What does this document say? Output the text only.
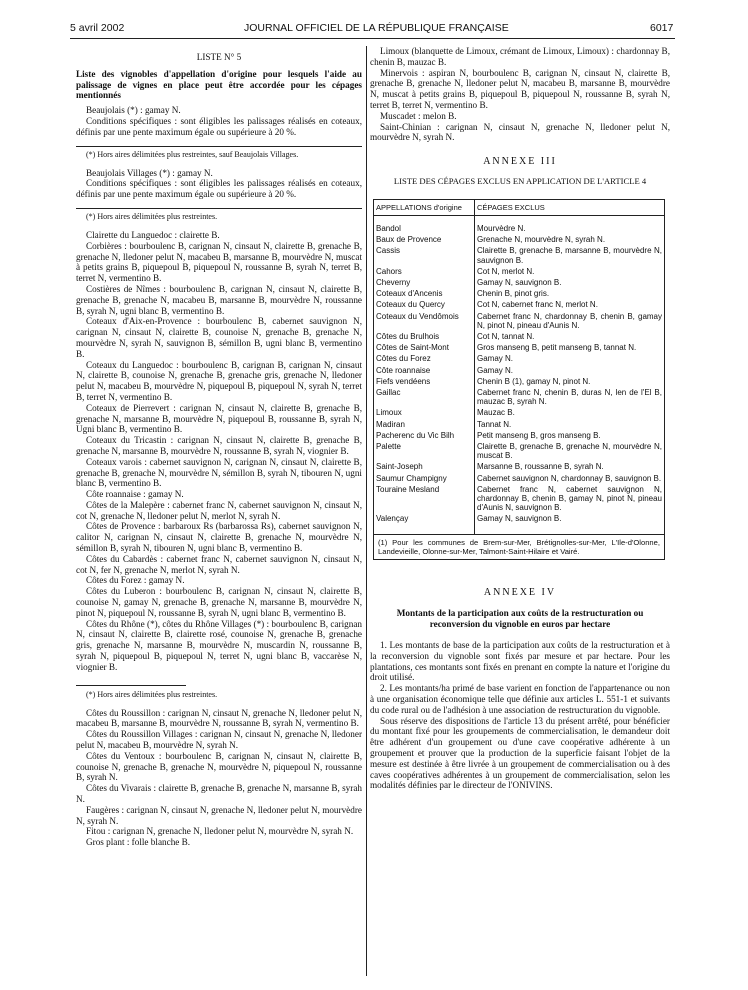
5 avril 2002	JOURNAL OFFICIEL DE LA RÉPUBLIQUE FRANÇAISE	6017

LISTE N° 5

Liste des vignobles d'appellation d'origine pour lesquels l'aide au palissage de vignes en place peut être accordée pour les cépages mentionnés

Beaujolais (*) : gamay N.

Conditions spécifiques : sont éligibles les palissages réalisés en coteaux, définis par une pente maximum égale ou supérieure à 20 %.

(*) Hors aires délimitées plus restreintes, sauf Beaujolais Villages.

Beaujolais Villages (*) : gamay N.

Conditions spécifiques : sont éligibles les palissages réalisés en coteaux, définis par une pente maximum égale ou supérieure à 20 %.

(*) Hors aires délimitées plus restreintes.

Clairette du Languedoc : clairette B.

Corbières : bourboulenc B, carignan N, cinsaut N, clairette B, grenache B, grenache N, lledoner pelut N, macabeu B, marsanne B, mourvèdre N, muscat à petits grains B, piquepoul B, piquepoul N, roussanne B, syrah N, terret B, terret N, vermentino B.

Costières de Nîmes : bourboulenc B, carignan N, cinsaut N, clairette B, grenache B, grenache N, macabeu B, marsanne B, mourvèdre N, roussanne B, syrah N, ugni blanc B, vermentino B.

Coteaux d'Aix-en-Provence : bourboulenc B, cabernet sauvignon N, carignan N, cinsaut N, clairette B, counoise N, grenache B, grenache N, mourvèdre N, syrah N, sauvignon B, sémillon B, ugni blanc B, vermentino B.

Coteaux du Languedoc : bourboulenc B, carignan B, carignan N, cinsaut N, clairette B, counoise N, grenache B, grenache gris, grenache N, lledoner pelut N, macabeu B, mourvèdre N, piquepoul B, piquepoul N, syrah N, terret B, terret N, vermentino B.

Coteaux de Pierrevert : carignan N, cinsaut N, clairette B, grenache B, grenache N, marsanne B, mourvèdre N, piquepoul B, roussanne B, syrah N, Ugni blanc B, vermentino B.

Coteaux du Tricastin : carignan N, cinsaut N, clairette B, grenache B, grenache N, marsanne B, mourvèdre N, roussanne B, syrah N, viognier B.

Coteaux varois : cabernet sauvignon N, carignan N, cinsaut N, clairette B, grenache B, grenache N, mourvèdre N, sémillon B, syrah N, tibouren N, ugni blanc B, vermentino B.

Côte roannaise : gamay N.

Côtes de la Malepère : cabernet franc N, cabernet sauvignon N, cinsaut N, cot N, grenache N, lledoner pelut N, merlot N, syrah N.

Côtes de Provence : barbaroux Rs (barbarossa Rs), cabernet sauvignon N, calitor N, carignan N, cinsaut N, clairette B, grenache N, mourvèdre N, sémillon B, syrah N, tibouren N, ugni blanc B, vermentino B.

Côtes du Cabardès : cabernet franc N, cabernet sauvignon N, cinsaut N, cot N, fer N, grenache N, merlot N, syrah N.

Côtes du Forez : gamay N.

Côtes du Luberon : bourboulenc B, carignan N, cinsaut N, clairette B, counoise N, gamay N, grenache B, grenache N, marsanne B, mourvèdre N, pinot N, piquepoul N, roussanne B, syrah N, ugni blanc B, vermentino B.

Côtes du Rhône (*), côtes du Rhône Villages (*) : bourboulenc B, carignan N, cinsaut N, clairette B, clairette rosé, counoise N, grenache B, grenache gris, grenache N, marsanne B, mourvèdre N, muscardin N, roussanne B, syrah N, piquepoul B, piquepoul N, terret N, ugni blanc B, vaccarèse N, viognier B.

(*) Hors aires délimitées plus restreintes.

Côtes du Roussillon : carignan N, cinsaut N, grenache N, lledoner pelut N, macabeu B, marsanne B, mourvèdre N, roussanne B, syrah N, vermentino B.

Côtes du Roussillon Villages : carignan N, cinsaut N, grenache N, lledoner pelut N, macabeu B, mourvèdre N, syrah N.

Côtes du Ventoux : bourboulenc B, carignan N, cinsaut N, clairette B, counoise N, grenache B, grenache N, mourvèdre N, piquepoul N, roussanne B, syrah N.

Côtes du Vivarais : clairette B, grenache B, grenache N, marsanne B, syrah N.

Faugères : carignan N, cinsaut N, grenache N, lledoner pelut N, mourvèdre N, syrah N.

Fitou : carignan N, grenache N, lledoner pelut N, mourvèdre N, syrah N.

Gros plant : folle blanche B.

Limoux (blanquette de Limoux, crémant de Limoux, Limoux) : chardonnay B, chenin B, mauzac B.

Minervois : aspiran N, bourboulenc B, carignan N, cinsaut N, clairette B, grenache B, grenache N, lledoner pelut N, macabeu B, marsanne B, mourvèdre N, muscat à petits grains B, piquepoul B, piquepoul N, roussanne B, syrah N, terret B, terret N, vermentino B.

Muscadet : melon B.

Saint-Chinian : carignan N, cinsaut N, grenache N, lledoner pelut N, mourvèdre N, syrah N.

ANNEXE III

LISTE DES CÉPAGES EXCLUS EN APPLICATION DE L'ARTICLE 4

APPELLATIONS d'origine	CÉPAGES EXCLUS
Bandol	Mourvèdre N.
Baux de Provence	Grenache N, mourvèdre N, syrah N.
Cassis	Clairette B, grenache B, marsanne B, mourvèdre N, sauvignon B.
Cahors	Cot N, merlot N.
Cheverny	Gamay N, sauvignon B.
Coteaux d'Ancenis	Chenin B, pinot gris.
Coteaux du Quercy	Cot N, cabernet franc N, merlot N.
Coteaux du Vendômois	Cabernet franc N, chardonnay B, chenin B, gamay N, pinot N, pineau d'Aunis N.
Côtes du Brulhois	Cot N, tannat N.
Côtes de Saint-Mont	Gros manseng B, petit manseng B, tannat N.
Côtes du Forez	Gamay N.
Côte roannaise	Gamay N.
Fiefs vendéens	Chenin B (1), gamay N, pinot N.
Gaillac	Cabernet franc N, chenin B, duras N, len de l'El B, mauzac B, syrah N.
Limoux	Mauzac B.
Madiran	Tannat N.
Pacherenc du Vic Bilh	Petit manseng B, gros manseng B.
Palette	Clairette B, grenache B, grenache N, mourvèdre N, muscat B.
Saint-Joseph	Marsanne B, roussanne B, syrah N.
Saumur Champigny	Cabernet sauvignon N, chardonnay B, sauvignon B.
Touraine Mesland	Cabernet franc N, cabernet sauvignon N, chardonnay B, chenin B, gamay N, pinot N, pineau d'Aunis N, sauvignon B.
Valençay	Gamay N, sauvignon B.
(1) Pour les communes de Brem-sur-Mer, Brétignolles-sur-Mer, L'Ile-d'Olonne, Landevieille, Olonne-sur-Mer, Talmont-Saint-Hilaire et Vairé.

ANNEXE IV

Montants de la participation aux coûts de la restructuration ou reconversion du vignoble en euros par hectare

1. Les montants de base de la participation aux coûts de la restructuration et à la reconversion du vignoble sont fixés par mesure et par hectare. Pour les plantations, ces montants sont fixés en prenant en compte la nature et l'origine du droit utilisé.

2. Les montants/ha primé de base varient en fonction de l'appartenance ou non à une organisation économique telle que définie aux articles L. 551-1 et suivants du code rural ou de l'adhésion à une association de restructuration du vignoble.

Sous réserve des dispositions de l'article 13 du présent arrêté, pour bénéficier du montant fixé pour les groupements de commercialisation, le demandeur doit être adhérent d'un groupement ou d'une cave coopérative adhérente à un groupement et prouver que la production de la superficie faisant l'objet de la mesure est destinée à être livrée à un groupement de commercialisation ou à des caves coopératives adhérentes à un groupement de commercialisation, selon les modalités définies par le directeur de l'ONIVINS.
